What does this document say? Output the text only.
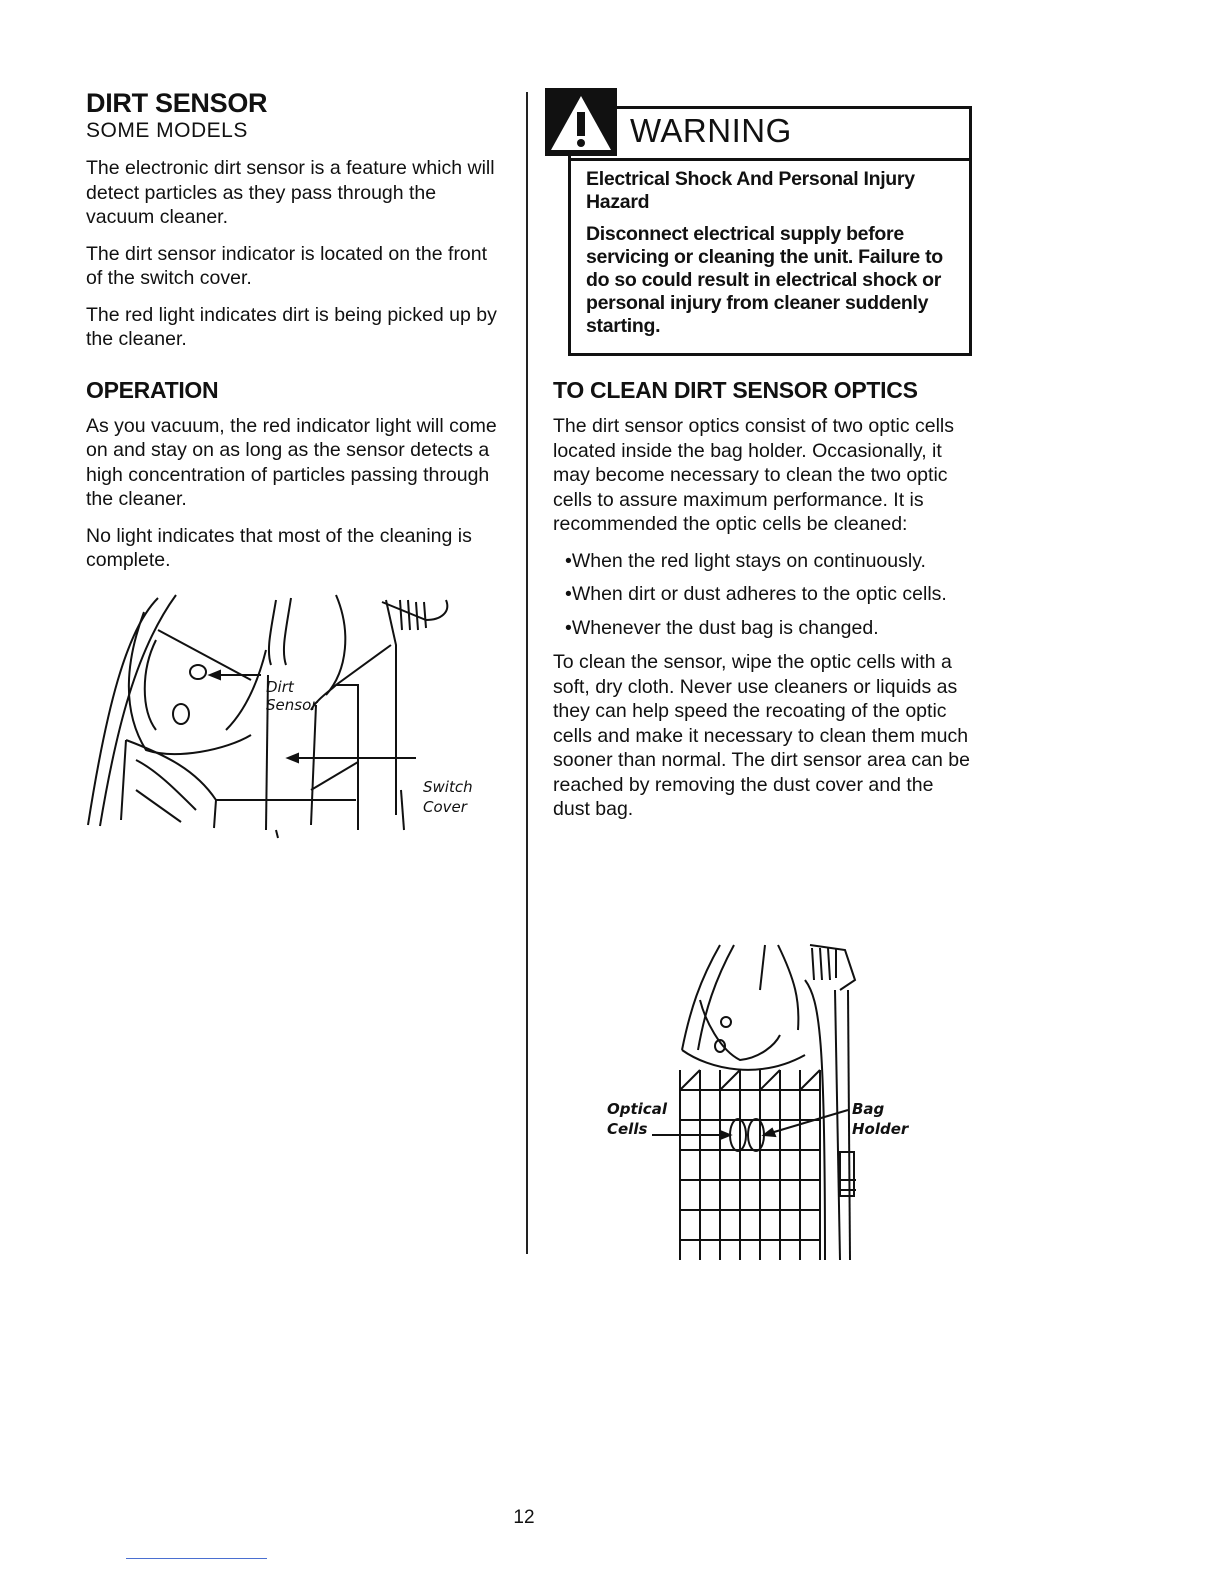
DIRT SENSOR
SOME MODELS

The electronic dirt sensor is a feature which will detect particles as they pass through the vacuum cleaner.

The dirt sensor indicator is located on the front of the switch cover.

The red light indicates dirt is being picked up by the cleaner.

OPERATION

As you vacuum, the red indicator light will come on and stay on as long as the sensor detects a high concentration of particles passing through the cleaner.

No light indicates that most of the cleaning is complete.

Dirt
Sensor
Switch
Cover
WARNING

Electrical Shock And Personal Injury Hazard

Disconnect electrical supply before servicing or cleaning the unit. Failure to do so could result in electrical shock or personal injury from cleaner suddenly starting.

TO CLEAN DIRT SENSOR OPTICS

The dirt sensor optics consist of two optic cells located inside the bag holder. Occasionally, it may become necessary to clean the two optic cells to assure maximum performance. It is recommended the optic cells be cleaned:

•When the red light stays on continuously.
•When dirt or dust adheres to the optic cells.
•Whenever the dust bag is changed.

To clean the sensor, wipe the optic cells with a soft, dry cloth. Never use cleaners or liquids as they can help speed the recoating of the optic cells and make it necessary to clean them much sooner than normal. The dirt sensor area can be reached by removing the dust cover and the dust bag.

Optical
Cells
Bag
Holder
12
